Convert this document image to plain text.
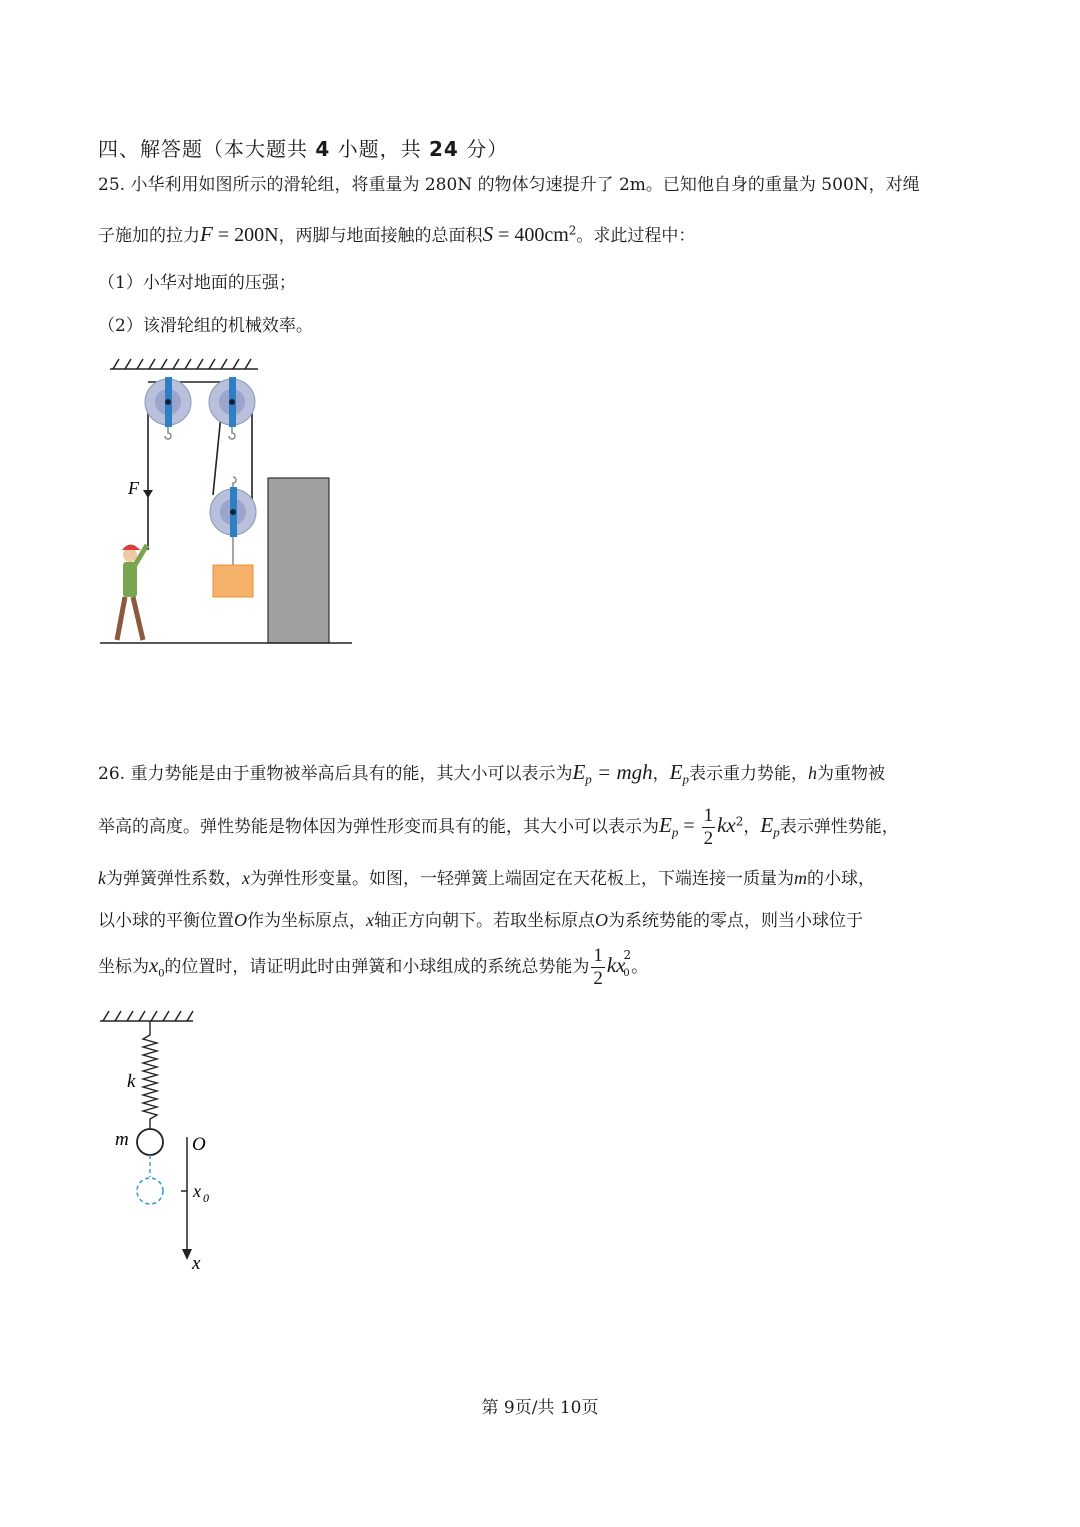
四、解答题（本大题共 4 小题，共 24 分）
25. 小华利用如图所示的滑轮组，将重量为 280N 的物体匀速提升了 2m。已知他自身的重量为 500N，对绳
子施加的拉力F = 200N，两脚与地面接触的总面积$S = 400cm^2$。求此过程中：
（1）小华对地面的压强；
（2）该滑轮组的机械效率。
F
26. 重力势能是由于重物被举高后具有的能，其大小可以表示为$E_p$ = mgh，$E_p$表示重力势能，h为重物被
举高的高度。弹性势能是物体因为弹性形变而具有的能，其大小可以表示为$E_p = \frac{1}{2} kx^2$，$E_p$表示弹性势能，
k为弹簧弹性系数，x为弹性形变量。如图，一轻弹簧上端固定在天花板上，下端连接一质量为m的小球，
以小球的平衡位置O作为坐标原点，x轴正方向朝下。若取坐标原点O为系统势能的零点，则当小球位于
坐标为$x_0$的位置时，请证明此时由弹簧和小球组成的系统总势能为 $\frac{1}{2} kx_0^2$。
k
m	O
x 0
x
第 9页/共 10页
